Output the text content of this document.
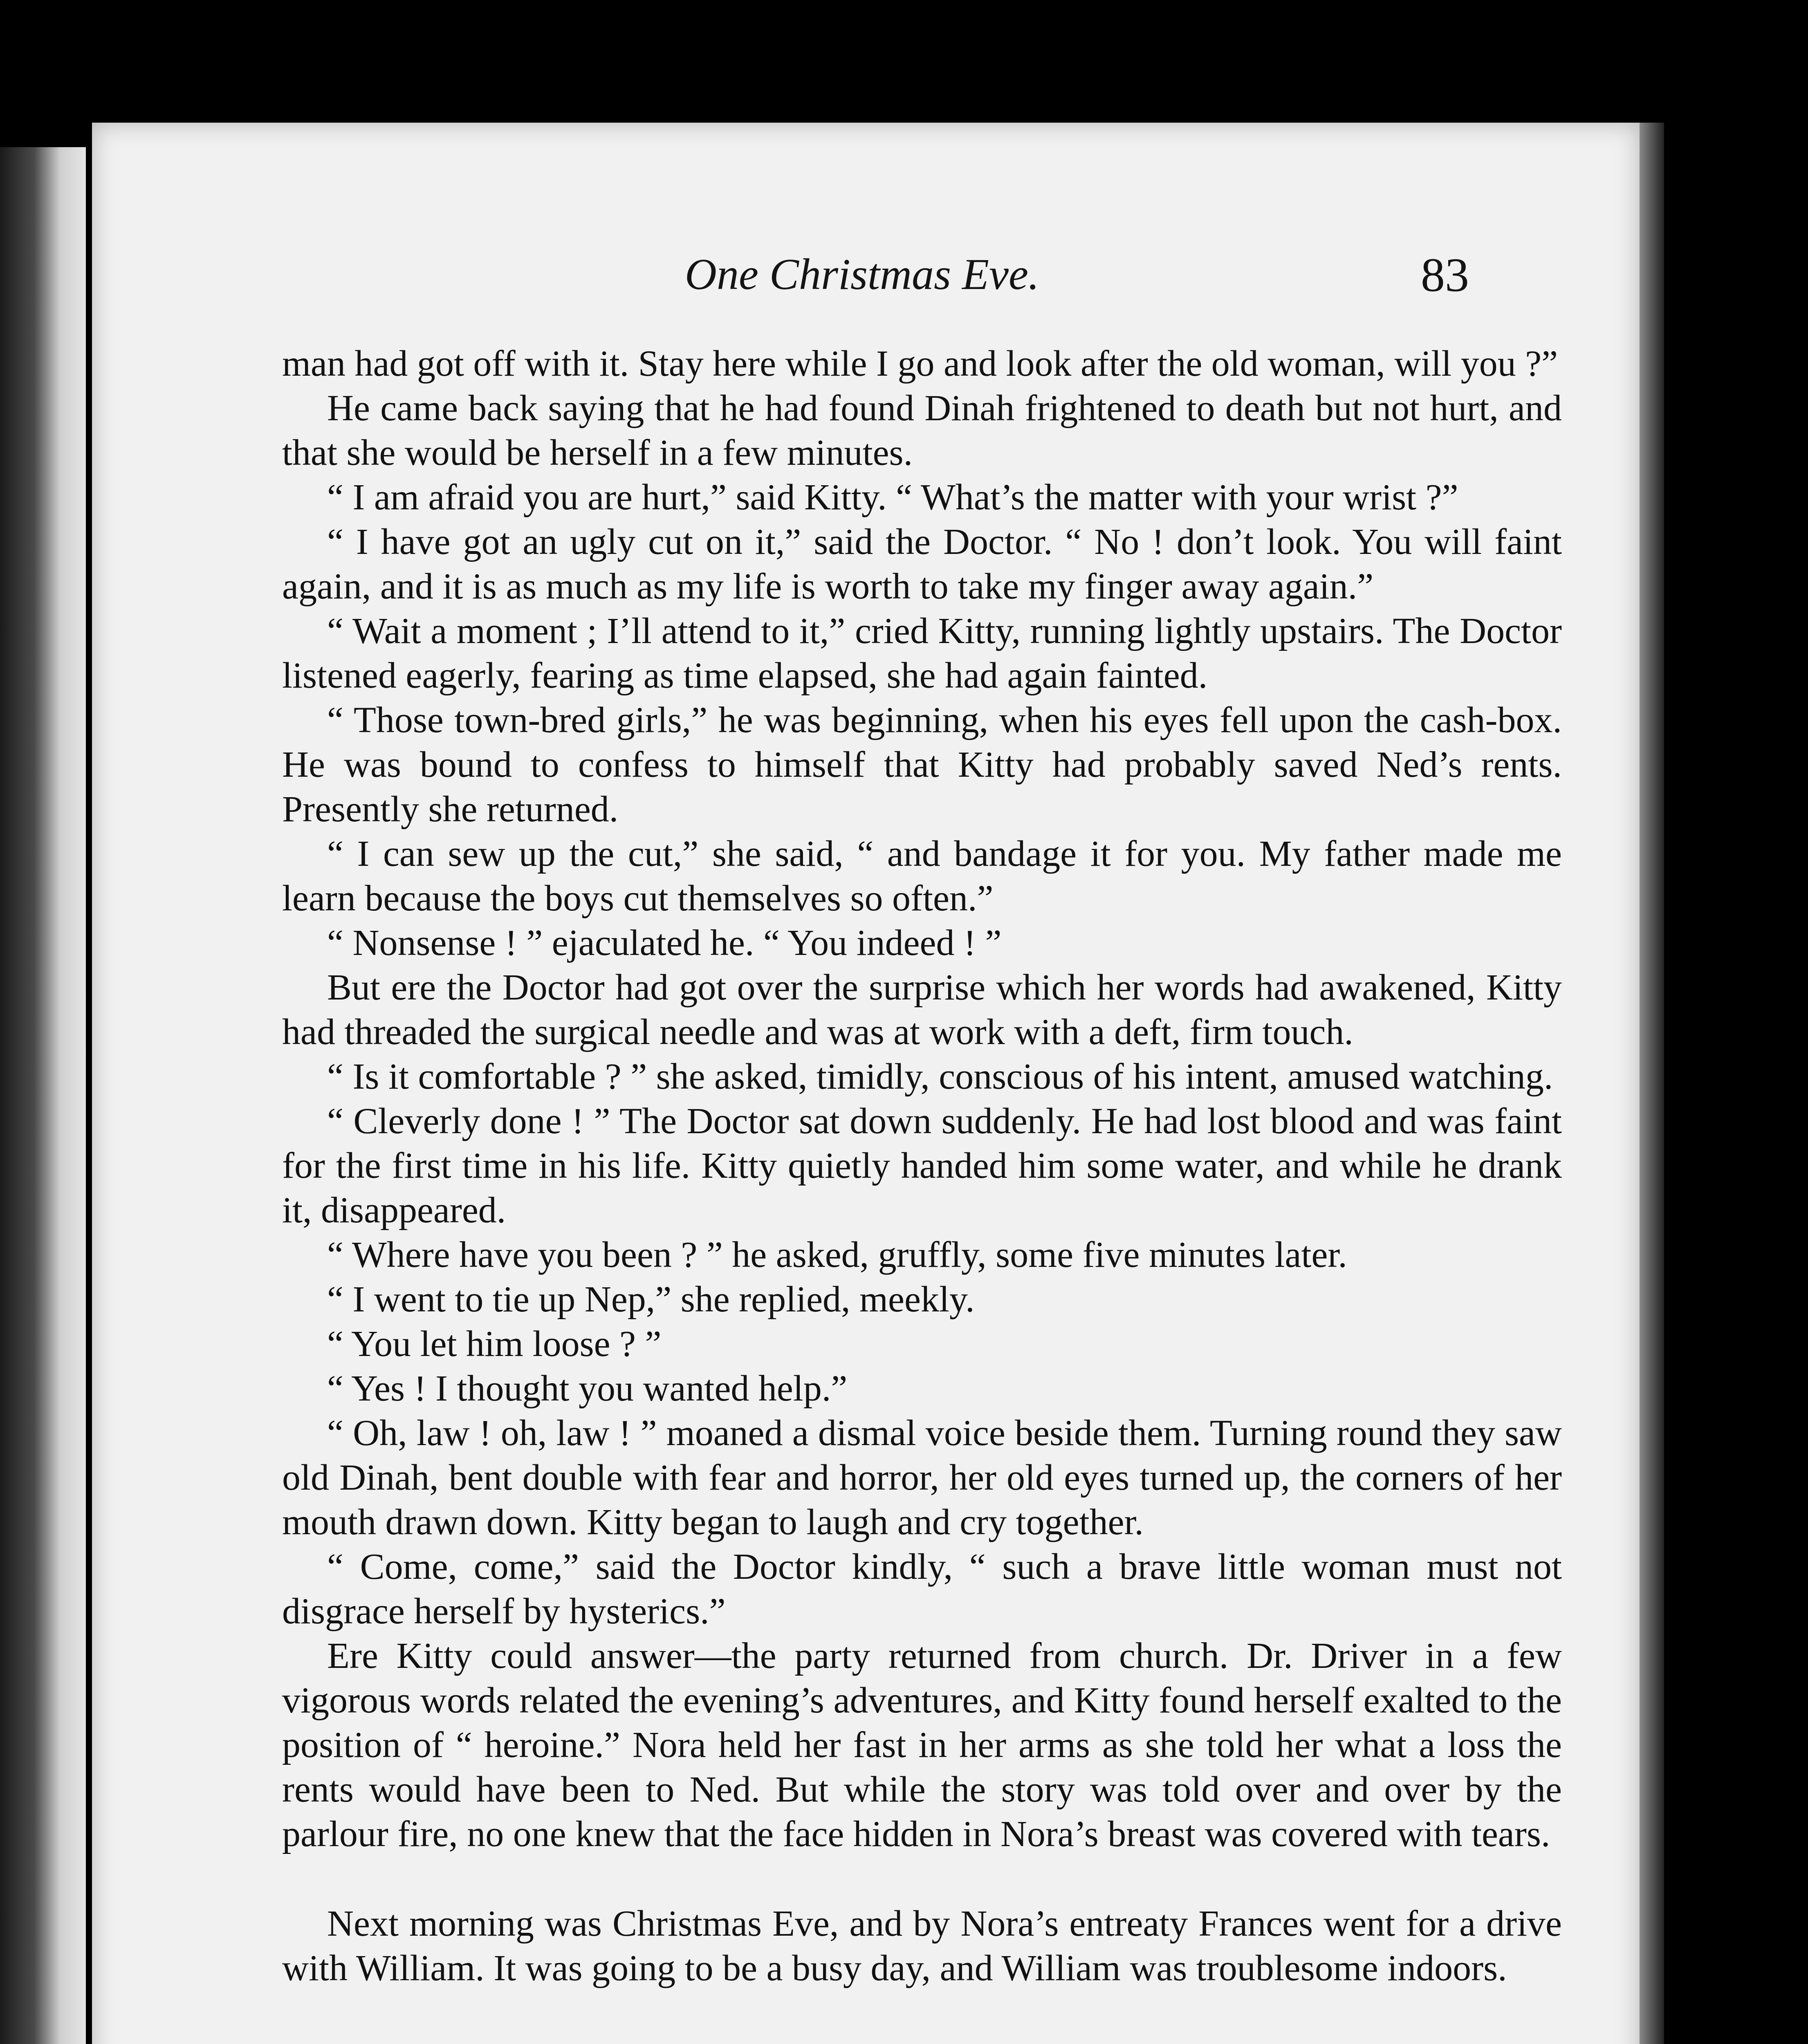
One Christmas Eve.	83

man had got off with it. Stay here while I go and look after the old woman, will you ?”

He came back saying that he had found Dinah frightened to death but not hurt, and that she would be herself in a few minutes.

“ I am afraid you are hurt,” said Kitty. “ What’s the matter with your wrist ?”

“ I have got an ugly cut on it,” said the Doctor. “ No ! don’t look. You will faint again, and it is as much as my life is worth to take my finger away again.”

“ Wait a moment ; I’ll attend to it,” cried Kitty, running lightly upstairs. The Doctor listened eagerly, fearing as time elapsed, she had again fainted.

“ Those town-bred girls,” he was beginning, when his eyes fell upon the cash-box. He was bound to confess to himself that Kitty had probably saved Ned’s rents. Presently she returned.

“ I can sew up the cut,” she said, “ and bandage it for you. My father made me learn because the boys cut themselves so often.”

“ Nonsense ! ” ejaculated he. “ You indeed ! ”

But ere the Doctor had got over the surprise which her words had awakened, Kitty had threaded the surgical needle and was at work with a deft, firm touch.

“ Is it comfortable ? ” she asked, timidly, conscious of his intent, amused watching.

“ Cleverly done ! ” The Doctor sat down suddenly. He had lost blood and was faint for the first time in his life. Kitty quietly handed him some water, and while he drank it, disappeared.

“ Where have you been ? ” he asked, gruffly, some five minutes later.

“ I went to tie up Nep,” she replied, meekly.

“ You let him loose ? ”

“ Yes ! I thought you wanted help.”

“ Oh, law ! oh, law ! ” moaned a dismal voice beside them. Turning round they saw old Dinah, bent double with fear and horror, her old eyes turned up, the corners of her mouth drawn down. Kitty began to laugh and cry together.

“ Come, come,” said the Doctor kindly, “ such a brave little woman must not disgrace herself by hysterics.”

Ere Kitty could answer—the party returned from church. Dr. Driver in a few vigorous words related the evening’s adventures, and Kitty found herself exalted to the position of “ heroine.” Nora held her fast in her arms as she told her what a loss the rents would have been to Ned. But while the story was told over and over by the parlour fire, no one knew that the face hidden in Nora’s breast was covered with tears.

Next morning was Christmas Eve, and by Nora’s entreaty Frances went for a drive with William. It was going to be a busy day, and William was troublesome indoors.
